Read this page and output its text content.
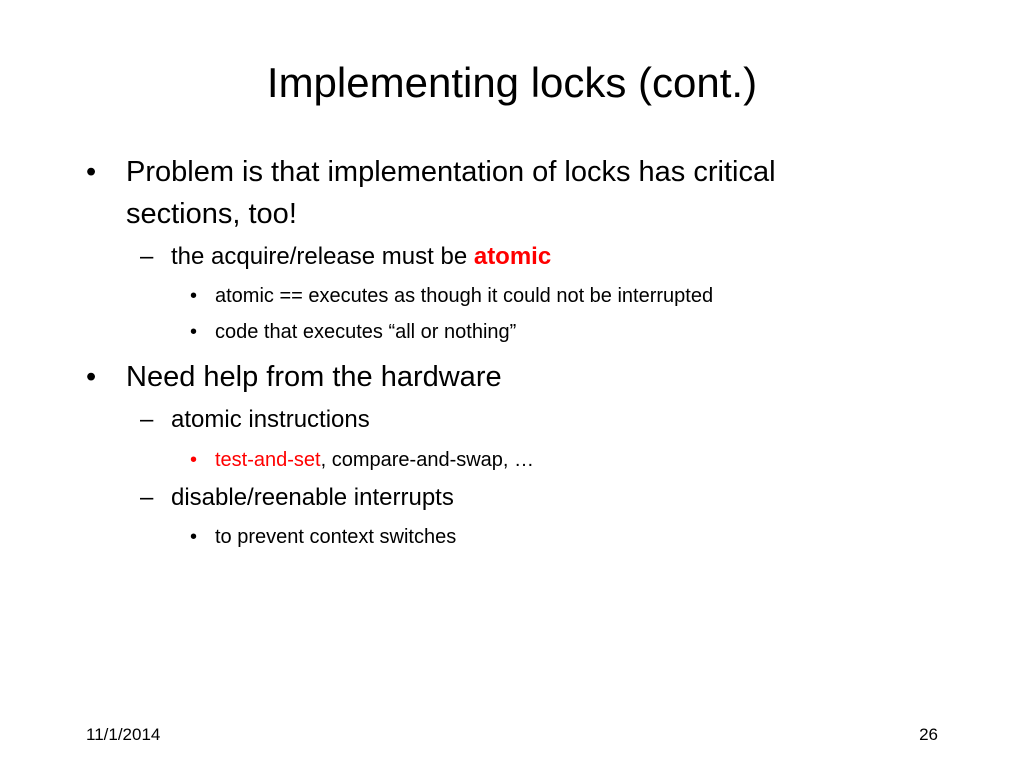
Implementing locks (cont.)
• Problem is that implementation of locks has critical
sections, too!
– the acquire/release must be atomic
• atomic == executes as though it could not be interrupted
• code that executes “all or nothing”
• Need help from the hardware
– atomic instructions
• test-and-set, compare-and-swap, …
– disable/reenable interrupts
• to prevent context switches
11/1/2014	26
